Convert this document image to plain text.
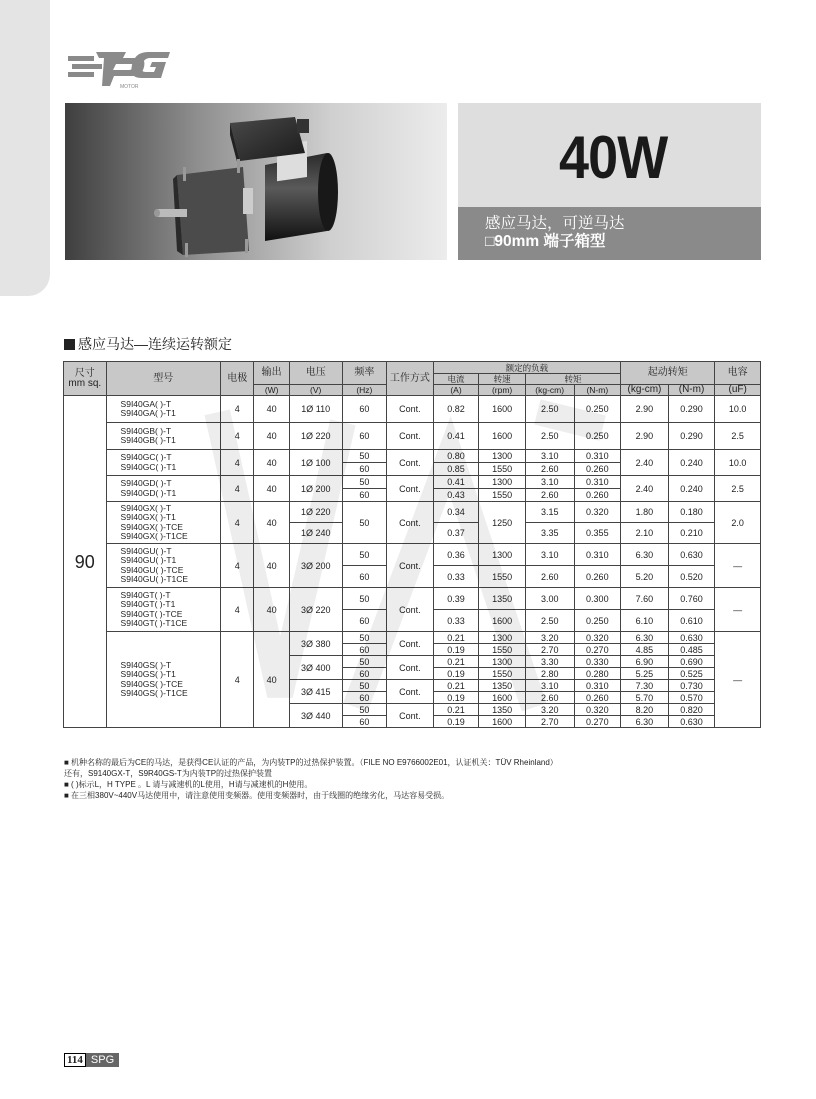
MOTOR
40W
感应马达，可逆马达
□90mm 端子箱型
感应马达—连续运转额定
尺寸
mm sq.	型号	电极	输出	电压	频率	工作方式	额定的负载				起动转矩		电容
							电流	转速	转矩				
			(W)	(V)	(Hz)		(A)	(rpm)	(kg-cm)	(N-m)	(kg-cm)	(N-m)	(uF)
90	S9I40GA( )-T
S9I40GA( )-T1	4	40	1Ø 110	60	Cont.	0.82	1600	2.50	0.250	2.90	0.290	10.0

	S9I40GB( )-T
S9I40GB( )-T1	4	40	1Ø 220	60	Cont.	0.41	1600	2.50	0.250	2.90	0.290	2.5

	S9I40GC( )-T
S9I40GC( )-T1	4	40	1Ø 100	50	Cont.	0.80	1300	3.10	0.310	2.40	0.240	10.0
					60		0.85	1550	2.60	0.260			

	S9I40GD( )-T
S9I40GD( )-T1	4	40	1Ø 200	50	Cont.	0.41	1300	3.10	0.310	2.40	0.240	2.5
					60		0.43	1550	2.60	0.260			

	S9I40GX( )-T
S9I40GX( )-T1
S9I40GX( )-TCE
S9I40GX( )-T1CE	4	40	1Ø 220	50	Cont.	0.34	1250	3.15	0.320	1.80	0.180	2.0
				1Ø 240			0.37		3.35	0.355	2.10	0.210	

	S9I40GU( )-T
S9I40GU( )-T1
S9I40GU( )-TCE
S9I40GU( )-T1CE	4	40	3Ø 200	50	Cont.	0.36	1300	3.10	0.310	6.30	0.630	—
					60		0.33	1550	2.60	0.260	5.20	0.520	

	S9I40GT( )-T
S9I40GT( )-T1
S9I40GT( )-TCE
S9I40GT( )-T1CE	4	40	3Ø 220	50	Cont.	0.39	1350	3.00	0.300	7.60	0.760	—
					60		0.33	1600	2.50	0.250	6.10	0.610	

	S9I40GS( )-T
S9I40GS( )-T1
S9I40GS( )-TCE
S9I40GS( )-T1CE	4	40	3Ø 380	50	Cont.	0.21	1300	3.20	0.320	6.30	0.630	—
					60		0.19	1550	2.70	0.270	4.85	0.485	
				3Ø 400	50	Cont.	0.21	1300	3.30	0.330	6.90	0.690	
					60		0.19	1550	2.80	0.280	5.25	0.525	
				3Ø 415	50	Cont.	0.21	1350	3.10	0.310	7.30	0.730	
					60		0.19	1600	2.60	0.260	5.70	0.570	
				3Ø 440	50	Cont.	0.21	1350	3.20	0.320	8.20	0.820	
					60		0.19	1600	2.70	0.270	6.30	0.630	
■ 机种名称的最后为CE的马达，是获得CE认证的产品，为内装TP的过热保护装置。（FILE NO E9766002E01，认证机关：TÜV Rheinland）
还有，S9140GX-T，S9R40GS-T为内装TP的过热保护装置
■ ( )标示L，H TYPE 。L 请与减速机的L使用，H请与减速机的H使用。
■ 在三相380V~440V马达使用中，请注意使用变频器。使用变频器时，由于线圈的绝缘劣化，马达容易受损。
114 SPG
